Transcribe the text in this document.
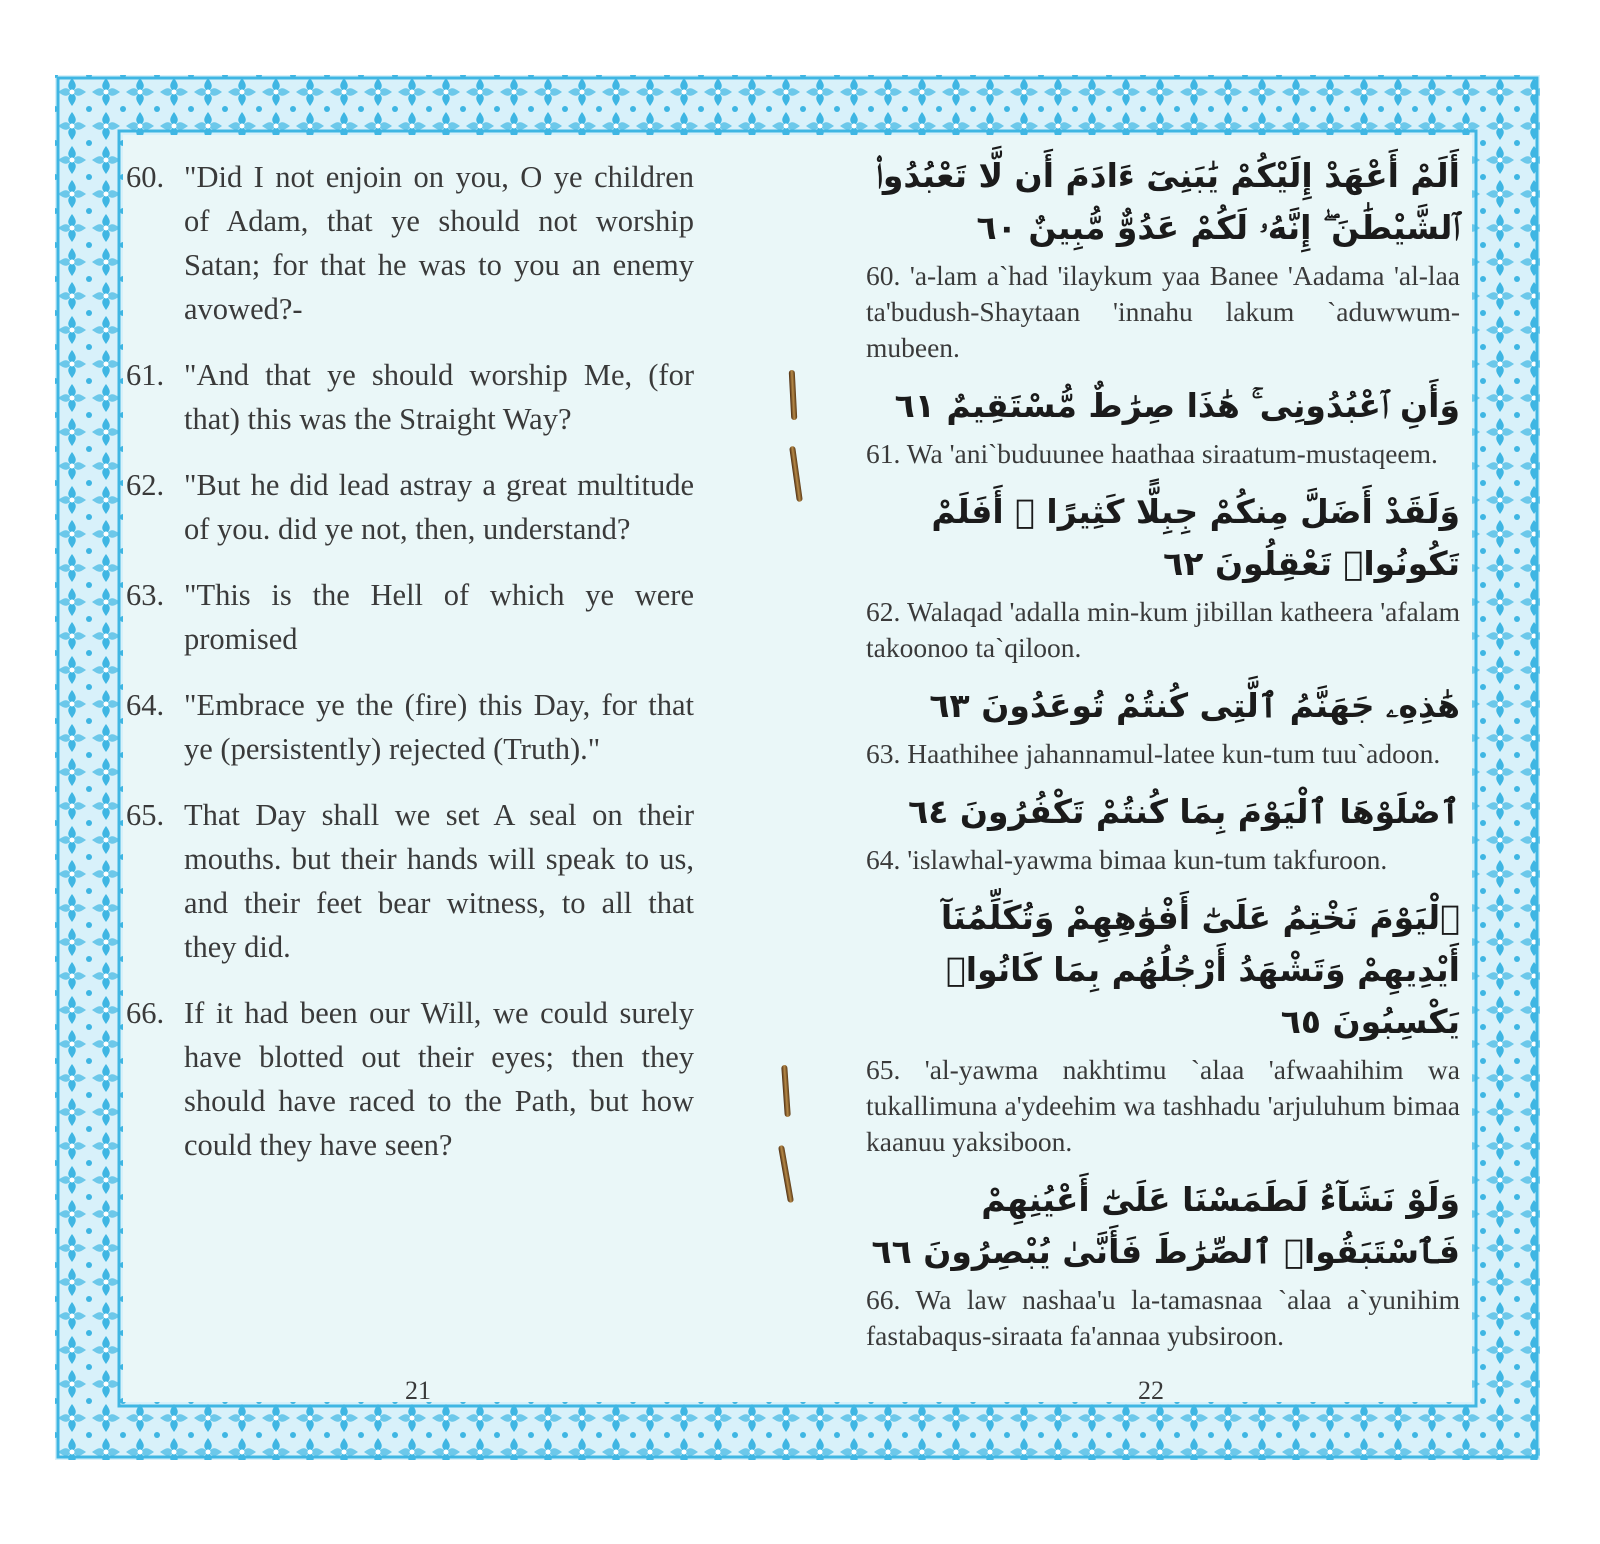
60. "Did I not enjoin on you, O ye children of Adam, that ye should not worship Satan; for that he was to you an enemy avowed?-
61. "And that ye should worship Me, (for that) this was the Straight Way?
62. "But he did lead astray a great multitude of you. did ye not, then, understand?
63. "This is the Hell of which ye were promised
64. "Embrace ye the (fire) this Day, for that ye (persistently) rejected (Truth)."
65. That Day shall we set A seal on their mouths. but their hands will speak to us, and their feet bear witness, to all that they did.
66. If it had been our Will, we could surely have blotted out their eyes; then they should have raced to the Path, but how could they have seen?
أَلَمْ أَعْهَدْ إِلَيْكُمْ يَٰبَنِىٓ ءَادَمَ أَن لَّا تَعْبُدُوا۟ ٱلشَّيْطَٰنَ ۖ إِنَّهُۥ لَكُمْ عَدُوٌّ مُّبِينٌ ٦٠
60. 'a-lam a`had 'ilaykum yaa Banee 'Aadama 'al-laa ta'budush-Shaytaan 'innahu lakum `aduwwum-mubeen.
وَأَنِ ٱعْبُدُونِى ۚ هَٰذَا صِرَٰطٌ مُّسْتَقِيمٌ ٦١
61. Wa 'ani`buduunee haathaa siraatum-mustaqeem.
وَلَقَدْ أَضَلَّ مِنكُمْ جِبِلًّا كَثِيرًا ۖ أَفَلَمْ تَكُونُوا۟ تَعْقِلُونَ ٦٢
62. Walaqad 'adalla min-kum jibillan katheera 'afalam takoonoo ta`qiloon.
هَٰذِهِۦ جَهَنَّمُ ٱلَّتِى كُنتُمْ تُوعَدُونَ ٦٣
63. Haathihee jahannamul-latee kun-tum tuu`adoon.
ٱصْلَوْهَا ٱلْيَوْمَ بِمَا كُنتُمْ تَكْفُرُونَ ٦٤
64. 'islawhal-yawma bimaa kun-tum takfuroon.
ٱلْيَوْمَ نَخْتِمُ عَلَىٰٓ أَفْوَٰهِهِمْ وَتُكَلِّمُنَآ أَيْدِيهِمْ وَتَشْهَدُ أَرْجُلُهُم بِمَا كَانُوا۟ يَكْسِبُونَ ٦٥
65. 'al-yawma nakhtimu `alaa 'afwaahihim wa tukallimuna a'ydeehim wa tashhadu 'arjuluhum bimaa kaanuu yaksiboon.
وَلَوْ نَشَآءُ لَطَمَسْنَا عَلَىٰٓ أَعْيُنِهِمْ فَٱسْتَبَقُوا۟ ٱلصِّرَٰطَ فَأَنَّىٰ يُبْصِرُونَ ٦٦
66. Wa law nashaa'u la-tamasnaa `alaa a`yunihim fastabaqus-siraata fa'annaa yubsiroon.
21	22
